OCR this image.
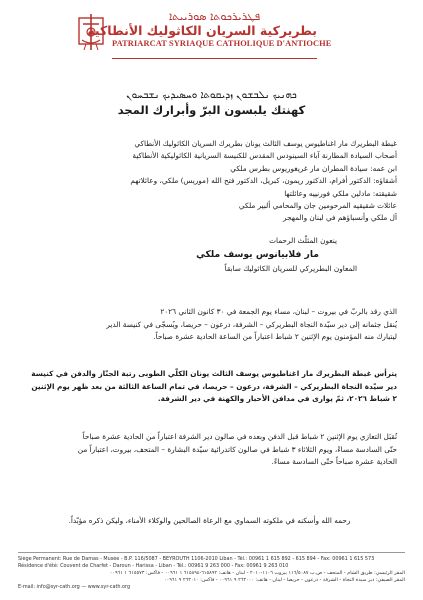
ܦܛܪܝܪܟܘܬܐ ܣܘܪܝܝܬܐ
بطريركية السريان الكاثوليك الأنطاكية
PATRIARCAT SYRIAQUE CATHOLIQUE D'ANTIOCHE
ܟܗܢܝܟ ܢܠܒܫܘܢ ܙܕܝܩܘܬܐ ܘܚܣܝܕܝܟ ܢܫܒܚܘܢ
كهنتك يلبسون البرّ وأبرارك المجد
غبطة البطريرك مار اغناطيوس يوسف الثالث يونان بطريرك السريان الكاثوليك الأنطاكي
أصحاب السيادة المطارنة آباء السينودس المقدس للكنيسة السريانية الكاثوليكية الأنطاكية
ابن عمه: سيادة المطران مار غريغوريوس بطرس ملكي
أشقاؤه: الدكتور أفرام، الدكتور ريمون، كبريل، الدكتور فتح الله (موريس) ملكي، وعائلاتهم
شقيقته: مادلين ملكي فورنييه وعائلتها
عائلات شقيقيه المرحومين جان والمحامي ألبير ملكي
آل ملكي وأنسباؤهم في لبنان والمهجر
ينعون المثلّث الرحمات
مار فلابيانوس يوسف ملكي
المعاون البطريركي للسريان الكاثوليك سابقاً
الذي رقد بالربّ في بيروت – لبنان، مساء يوم الجمعة في ٣٠ كانون الثاني ٢٠٢٦
يُنقل جثمانه إلى دير سيّدة النجاة البطريركي – الشرفة، درعون – حريصا، ويُسجّى في كنيسة الدير
ليتبارك منه المؤمنون يوم الإثنين ٢ شباط اعتباراً من الساعة الحادية عشرة صباحاً.
يترأس غبطة البطريرك مار اغناطيوس يوسف الثالث يونان الكلّي الطوبى رتبة الجنّاز والدفن في كنيسة
دير سيّدة النجاة البطريركي – الشرفة، درعون – حريصا، في تمام الساعة الثالثة من بعد ظهر يوم الإثنين
٢ شباط ٢٠٢٦، ثمّ يوارى في مدافن الأحبار والكهنة في دير الشرفة.
تُقبَل التعازي يوم الإثنين ٢ شباط قبل الدفن وبعده في صالون دير الشرفة اعتباراً من الحادية عشرة صباحاً
حتّى السادسة مساءً، ويوم الثلاثاء ٣ شباط في صالون كاتدرائية سيّدة البشارة – المتحف، بيروت، اعتباراً من
الحادية عشرة صباحاً حتّى السادسة مساءً.
رحمه الله وأسكنه في ملكوته السماوي مع الرعاة الصالحين والوكلاء الأمناء، وليكن ذكره مؤبّداً.
Siège Permanent: Rue de Damas - Musée - B.P. 116/5087 - BEYROUTH 1106-2010 Liban - Tél.: 00961 1 615 892 - 615 894 - Fax: 00961 1 615 573
Résidence d'été: Couvent de Charfet - Daroun - Harissa - Liban - Tél.: 00961 9 263 000 - Fax: 00961 9 263 010
المقر الرئيسي: طريق الشام - المتحف - ص.ب ١١٦/٥٠٨٧ بيروت ١١٠٦-٢٠١٠ - لبنان - هاتف: ٦١٥٨٩٢-٦١٥٨٩٤ ١ ٠٠٩٦١ - فاكس: ٦١٥٥٧٣ ١ ٠٠٩٦١
المقر الصيفي: دير سيدة النجاة - الشرفة - درعون - حريصا - لبنان - هاتف: ٢٦٣٠٠٠ ٩ ٠٠٩٦١ - فاكس: ٢٦٣٠١٠ ٩ ٠٠٩٦١
E-mail: info@syr-cath.org — www.syr-cath.org
